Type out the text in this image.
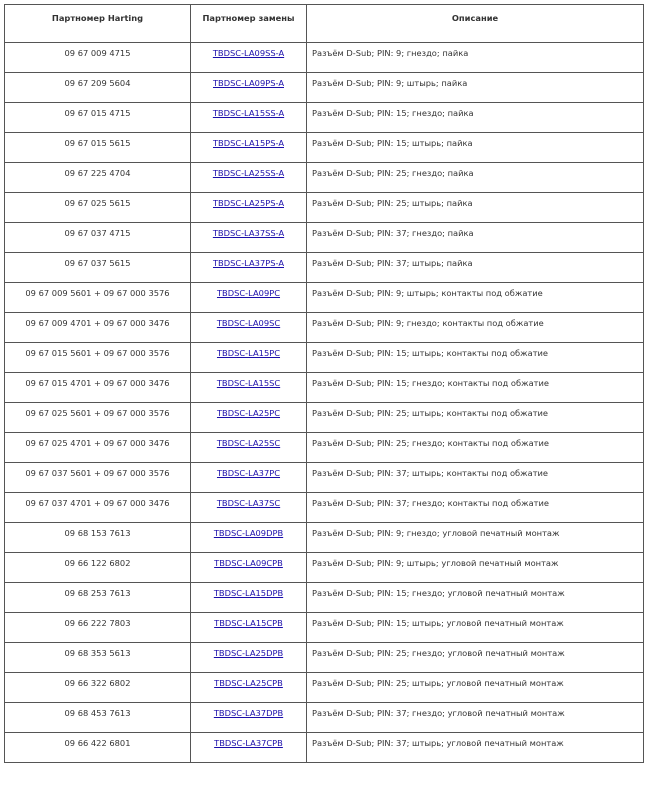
Партномер Harting	Партномер замены	Описание
09 67 009 4715	TBDSC-LA09SS-A	Разъём D-Sub; PIN: 9; гнездо; пайка
09 67 209 5604	TBDSC-LA09PS-A	Разъём D-Sub; PIN: 9; штырь; пайка
09 67 015 4715	TBDSC-LA15SS-A	Разъём D-Sub; PIN: 15; гнездо; пайка
09 67 015 5615	TBDSC-LA15PS-A	Разъём D-Sub; PIN: 15; штырь; пайка
09 67 225 4704	TBDSC-LA25SS-A	Разъём D-Sub; PIN: 25; гнездо; пайка
09 67 025 5615	TBDSC-LA25PS-A	Разъём D-Sub; PIN: 25; штырь; пайка
09 67 037 4715	TBDSC-LA37SS-A	Разъём D-Sub; PIN: 37; гнездо; пайка
09 67 037 5615	TBDSC-LA37PS-A	Разъём D-Sub; PIN: 37; штырь; пайка
09 67 009 5601 + 09 67 000 3576	TBDSC-LA09PC	Разъём D-Sub; PIN: 9; штырь; контакты под обжатие
09 67 009 4701 + 09 67 000 3476	TBDSC-LA09SC	Разъём D-Sub; PIN: 9; гнездо; контакты под обжатие
09 67 015 5601 + 09 67 000 3576	TBDSC-LA15PC	Разъём D-Sub; PIN: 15; штырь; контакты под обжатие
09 67 015 4701 + 09 67 000 3476	TBDSC-LA15SC	Разъём D-Sub; PIN: 15; гнездо; контакты под обжатие
09 67 025 5601 + 09 67 000 3576	TBDSC-LA25PC	Разъём D-Sub; PIN: 25; штырь; контакты под обжатие
09 67 025 4701 + 09 67 000 3476	TBDSC-LA25SC	Разъём D-Sub; PIN: 25; гнездо; контакты под обжатие
09 67 037 5601 + 09 67 000 3576	TBDSC-LA37PC	Разъём D-Sub; PIN: 37; штырь; контакты под обжатие
09 67 037 4701 + 09 67 000 3476	TBDSC-LA37SC	Разъём D-Sub; PIN: 37; гнездо; контакты под обжатие
09 68 153 7613	TBDSC-LA09DPB	Разъём D-Sub; PIN: 9; гнездо; угловой печатный монтаж
09 66 122 6802	TBDSC-LA09CPB	Разъём D-Sub; PIN: 9; штырь; угловой печатный монтаж
09 68 253 7613	TBDSC-LA15DPB	Разъём D-Sub; PIN: 15; гнездо; угловой печатный монтаж
09 66 222 7803	TBDSC-LA15CPB	Разъём D-Sub; PIN: 15; штырь; угловой печатный монтаж
09 68 353 5613	TBDSC-LA25DPB	Разъём D-Sub; PIN: 25; гнездо; угловой печатный монтаж
09 66 322 6802	TBDSC-LA25CPB	Разъём D-Sub; PIN: 25; штырь; угловой печатный монтаж
09 68 453 7613	TBDSC-LA37DPB	Разъём D-Sub; PIN: 37; гнездо; угловой печатный монтаж
09 66 422 6801	TBDSC-LA37CPB	Разъём D-Sub; PIN: 37; штырь; угловой печатный монтаж
